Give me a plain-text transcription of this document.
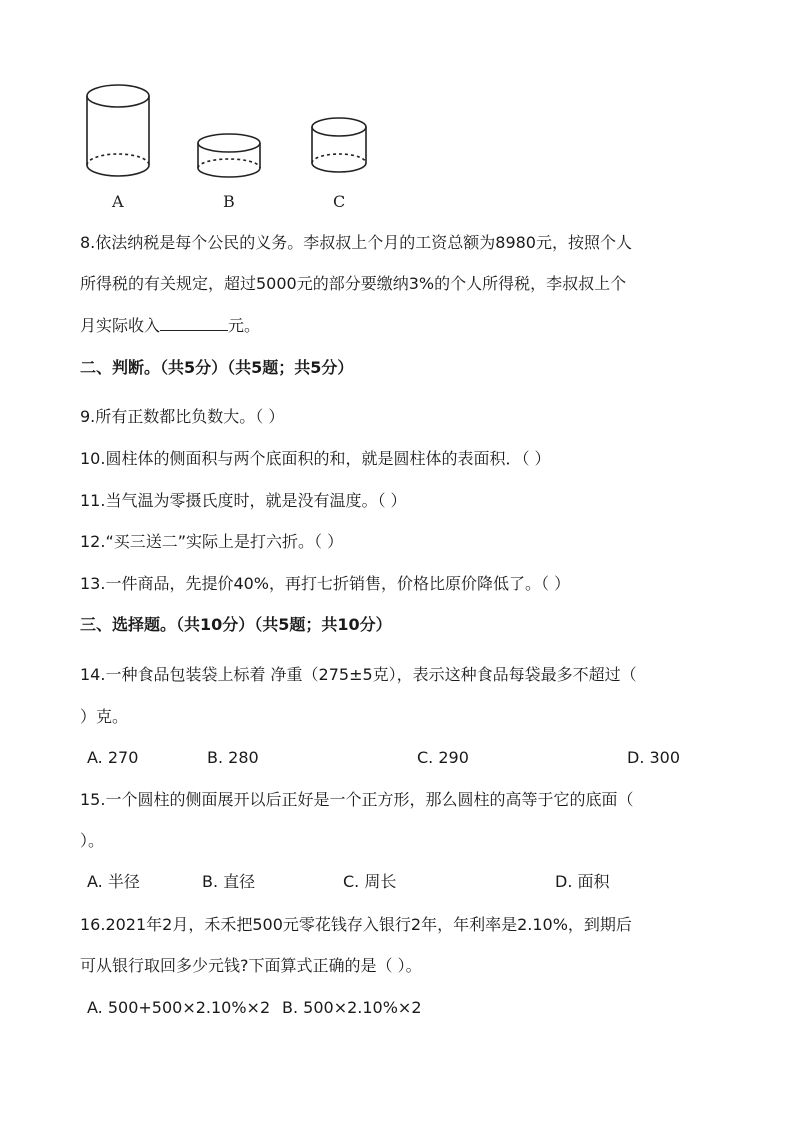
A	B	C
8.依法纳税是每个公民的义务。李叔叔上个月的工资总额为8980元，按照个人
所得税的有关规定，超过5000元的部分要缴纳3%的个人所得税，李叔叔上个
月实际收入	元。
二、判断。（共5分）（共5题；共5分）
9.所有正数都比负数大。（ ）
10.圆柱体的侧面积与两个底面积的和，就是圆柱体的表面积．（ ）
11.当气温为零摄氏度时，就是没有温度。（ ）
12.“买三送二”实际上是打六折。（ ）
13.一件商品，先提价40%，再打七折销售，价格比原价降低了。（ ）
三、选择题。（共10分）（共5题；共10分）
14.一种食品包装袋上标着 净重（275±5克），表示这种食品每袋最多不超过（
）克。
A. 270	B. 280	C. 290	D. 300
15.一个圆柱的侧面展开以后正好是一个正方形，那么圆柱的高等于它的底面（
）。
A. 半径	B. 直径	C. 周长	D. 面积
16.2021年2月，禾禾把500元零花钱存入银行2年，年利率是2.10%，到期后
可从银行取回多少元钱?下面算式正确的是（ ）。
A. 500+500×2.10%×2 B. 500×2.10%×2
